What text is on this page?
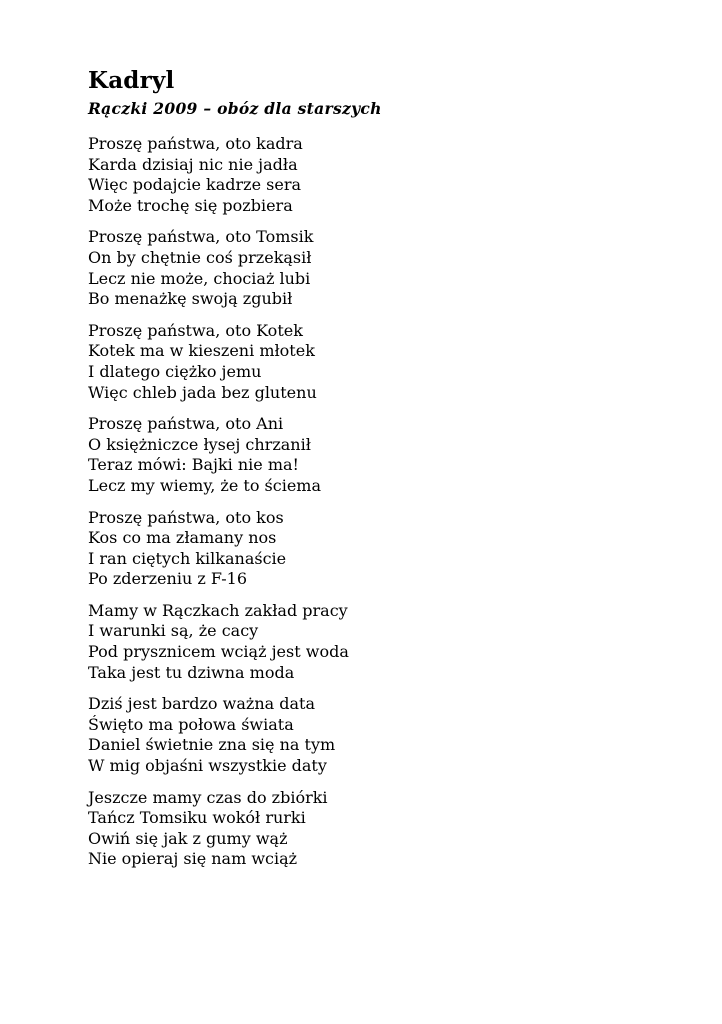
Kadryl
Rączki 2009 – obóz dla starszych
Proszę państwa, oto kadra
Karda dzisiaj nic nie jadła
Więc podajcie kadrze sera
Może trochę się pozbiera
Proszę państwa, oto Tomsik
On by chętnie coś przekąsił
Lecz nie może, chociaż lubi
Bo menażkę swoją zgubił
Proszę państwa, oto Kotek
Kotek ma w kieszeni młotek
I dlatego ciężko jemu
Więc chleb jada bez glutenu
Proszę państwa, oto Ani
O księżniczce łysej chrzanił
Teraz mówi: Bajki nie ma!
Lecz my wiemy, że to ściema
Proszę państwa, oto kos
Kos co ma złamany nos
I ran ciętych kilkanaście
Po zderzeniu z F-16
Mamy w Rączkach zakład pracy
I warunki są, że cacy
Pod prysznicem wciąż jest woda
Taka jest tu dziwna moda
Dziś jest bardzo ważna data
Święto ma połowa świata
Daniel świetnie zna się na tym
W mig objaśni wszystkie daty
Jeszcze mamy czas do zbiórki
Tańcz Tomsiku wokół rurki
Owiń się jak z gumy wąż
Nie opieraj się nam wciąż
